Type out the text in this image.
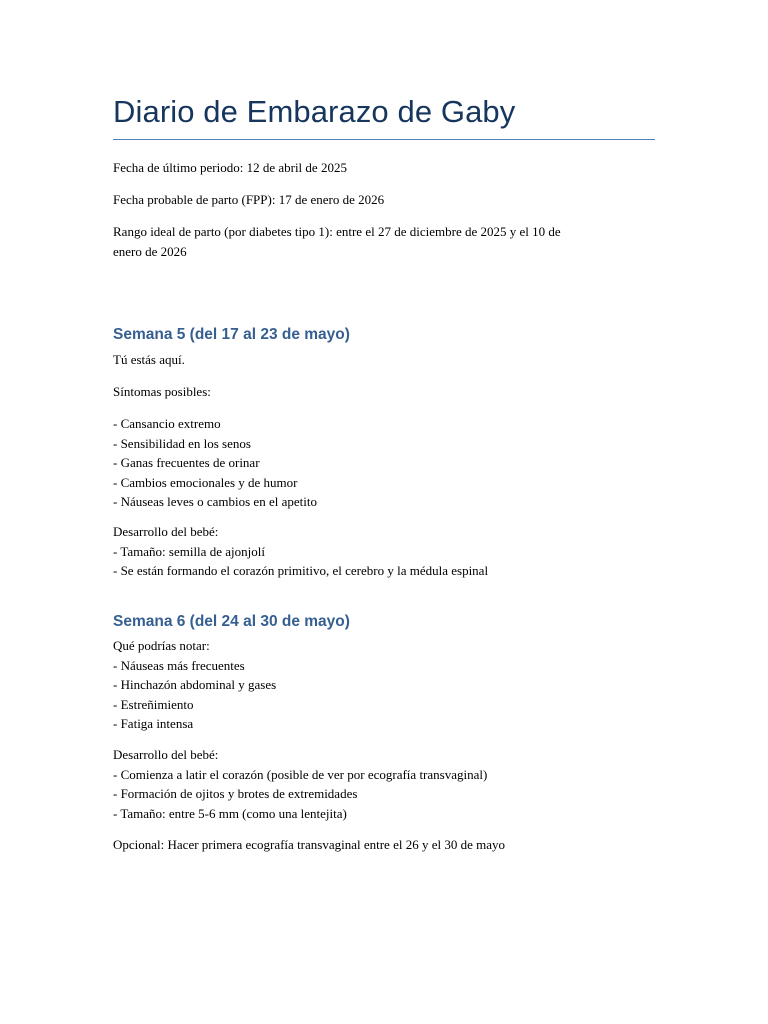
Diario de Embarazo de Gaby
Fecha de último periodo: 12 de abril de 2025
Fecha probable de parto (FPP): 17 de enero de 2026
Rango ideal de parto (por diabetes tipo 1): entre el 27 de diciembre de 2025 y el 10 de
enero de 2026
Semana 5 (del 17 al 23 de mayo)
Tú estás aquí.
Síntomas posibles:
- Cansancio extremo
- Sensibilidad en los senos
- Ganas frecuentes de orinar
- Cambios emocionales y de humor
- Náuseas leves o cambios en el apetito
Desarrollo del bebé:
- Tamaño: semilla de ajonjolí
- Se están formando el corazón primitivo, el cerebro y la médula espinal
Semana 6 (del 24 al 30 de mayo)
Qué podrías notar:
- Náuseas más frecuentes
- Hinchazón abdominal y gases
- Estreñimiento
- Fatiga intensa
Desarrollo del bebé:
- Comienza a latir el corazón (posible de ver por ecografía transvaginal)
- Formación de ojitos y brotes de extremidades
- Tamaño: entre 5-6 mm (como una lentejita)
Opcional: Hacer primera ecografía transvaginal entre el 26 y el 30 de mayo
